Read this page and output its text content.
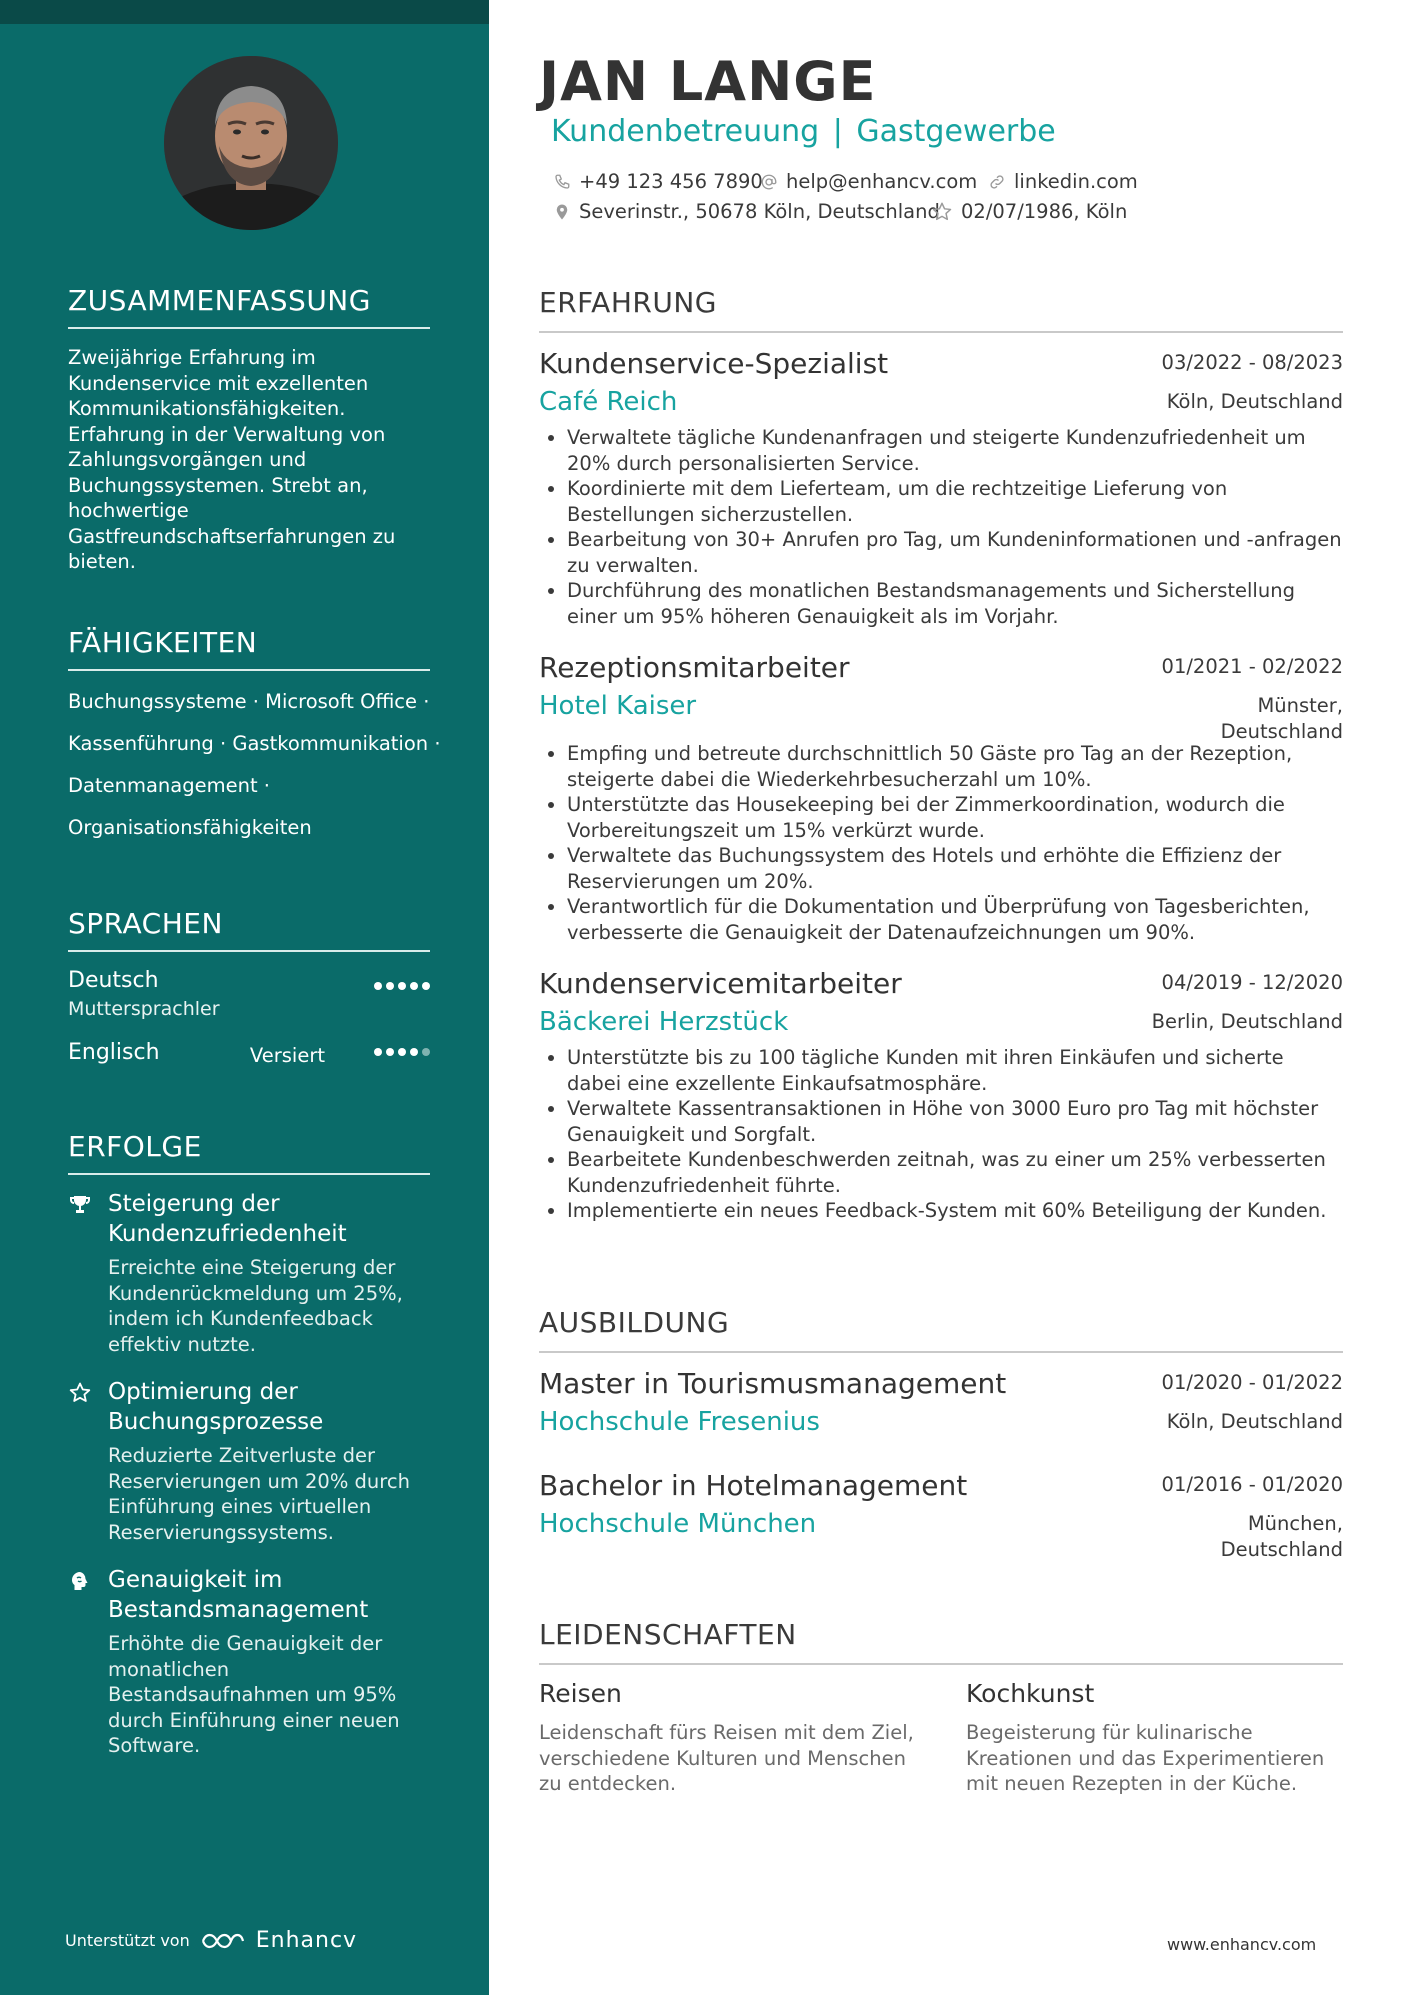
ZUSAMMENFASSUNG
Zweijährige Erfahrung im Kundenservice mit exzellenten Kommunikationsfähigkeiten. Erfahrung in der Verwaltung von Zahlungsvorgängen und Buchungssystemen. Strebt an, hochwertige Gastfreundschaftserfahrungen zu bieten.
FÄHIGKEITEN
Buchungssysteme · Microsoft Office ·
Kassenführung · Gastkommunikation ·
Datenmanagement ·
Organisationsfähigkeiten
SPRACHEN
Deutsch
Muttersprachler
Englisch	Versiert
ERFOLGE
Steigerung der Kundenzufriedenheit
Erreichte eine Steigerung der Kundenrückmeldung um 25%, indem ich Kundenfeedback effektiv nutzte.
Optimierung der Buchungsprozesse
Reduzierte Zeitverluste der Reservierungen um 20% durch Einführung eines virtuellen Reservierungssystems.
Genauigkeit im Bestandsmanagement
Erhöhte die Genauigkeit der monatlichen Bestandsaufnahmen um 95% durch Einführung einer neuen Software.
Unterstützt von	Enhancv
JAN LANGE
Kundenbetreuung | Gastgewerbe
+49 123 456 7890 help@enhancv.com linkedin.com
Severinstr., 50678 Köln, Deutschland 02/07/1986, Köln
ERFAHRUNG
Kundenservice-Spezialist	03/2022 - 08/2023
Café Reich	Köln, Deutschland
Verwaltete tägliche Kundenanfragen und steigerte Kundenzufriedenheit um 20% durch personalisierten Service.
Koordinierte mit dem Lieferteam, um die rechtzeitige Lieferung von Bestellungen sicherzustellen.
Bearbeitung von 30+ Anrufen pro Tag, um Kundeninformationen und -anfragen zu verwalten.
Durchführung des monatlichen Bestandsmanagements und Sicherstellung einer um 95% höheren Genauigkeit als im Vorjahr.
Rezeptionsmitarbeiter	01/2021 - 02/2022
Hotel Kaiser	Münster,
Deutschland
Empfing und betreute durchschnittlich 50 Gäste pro Tag an der Rezeption, steigerte dabei die Wiederkehrbesucherzahl um 10%.
Unterstützte das Housekeeping bei der Zimmerkoordination, wodurch die Vorbereitungszeit um 15% verkürzt wurde.
Verwaltete das Buchungssystem des Hotels und erhöhte die Effizienz der Reservierungen um 20%.
Verantwortlich für die Dokumentation und Überprüfung von Tagesberichten, verbesserte die Genauigkeit der Datenaufzeichnungen um 90%.
Kundenservicemitarbeiter	04/2019 - 12/2020
Bäckerei Herzstück	Berlin, Deutschland
Unterstützte bis zu 100 tägliche Kunden mit ihren Einkäufen und sicherte dabei eine exzellente Einkaufsatmosphäre.
Verwaltete Kassentransaktionen in Höhe von 3000 Euro pro Tag mit höchster Genauigkeit und Sorgfalt.
Bearbeitete Kundenbeschwerden zeitnah, was zu einer um 25% verbesserten Kundenzufriedenheit führte.
Implementierte ein neues Feedback-System mit 60% Beteiligung der Kunden.
AUSBILDUNG
Master in Tourismusmanagement	01/2020 - 01/2022
Hochschule Fresenius	Köln, Deutschland
Bachelor in Hotelmanagement	01/2016 - 01/2020
Hochschule München	München,
Deutschland
LEIDENSCHAFTEN
Reisen
Leidenschaft fürs Reisen mit dem Ziel, verschiedene Kulturen und Menschen zu entdecken.
Kochkunst
Begeisterung für kulinarische Kreationen und das Experimentieren mit neuen Rezepten in der Küche.
www.enhancv.com
